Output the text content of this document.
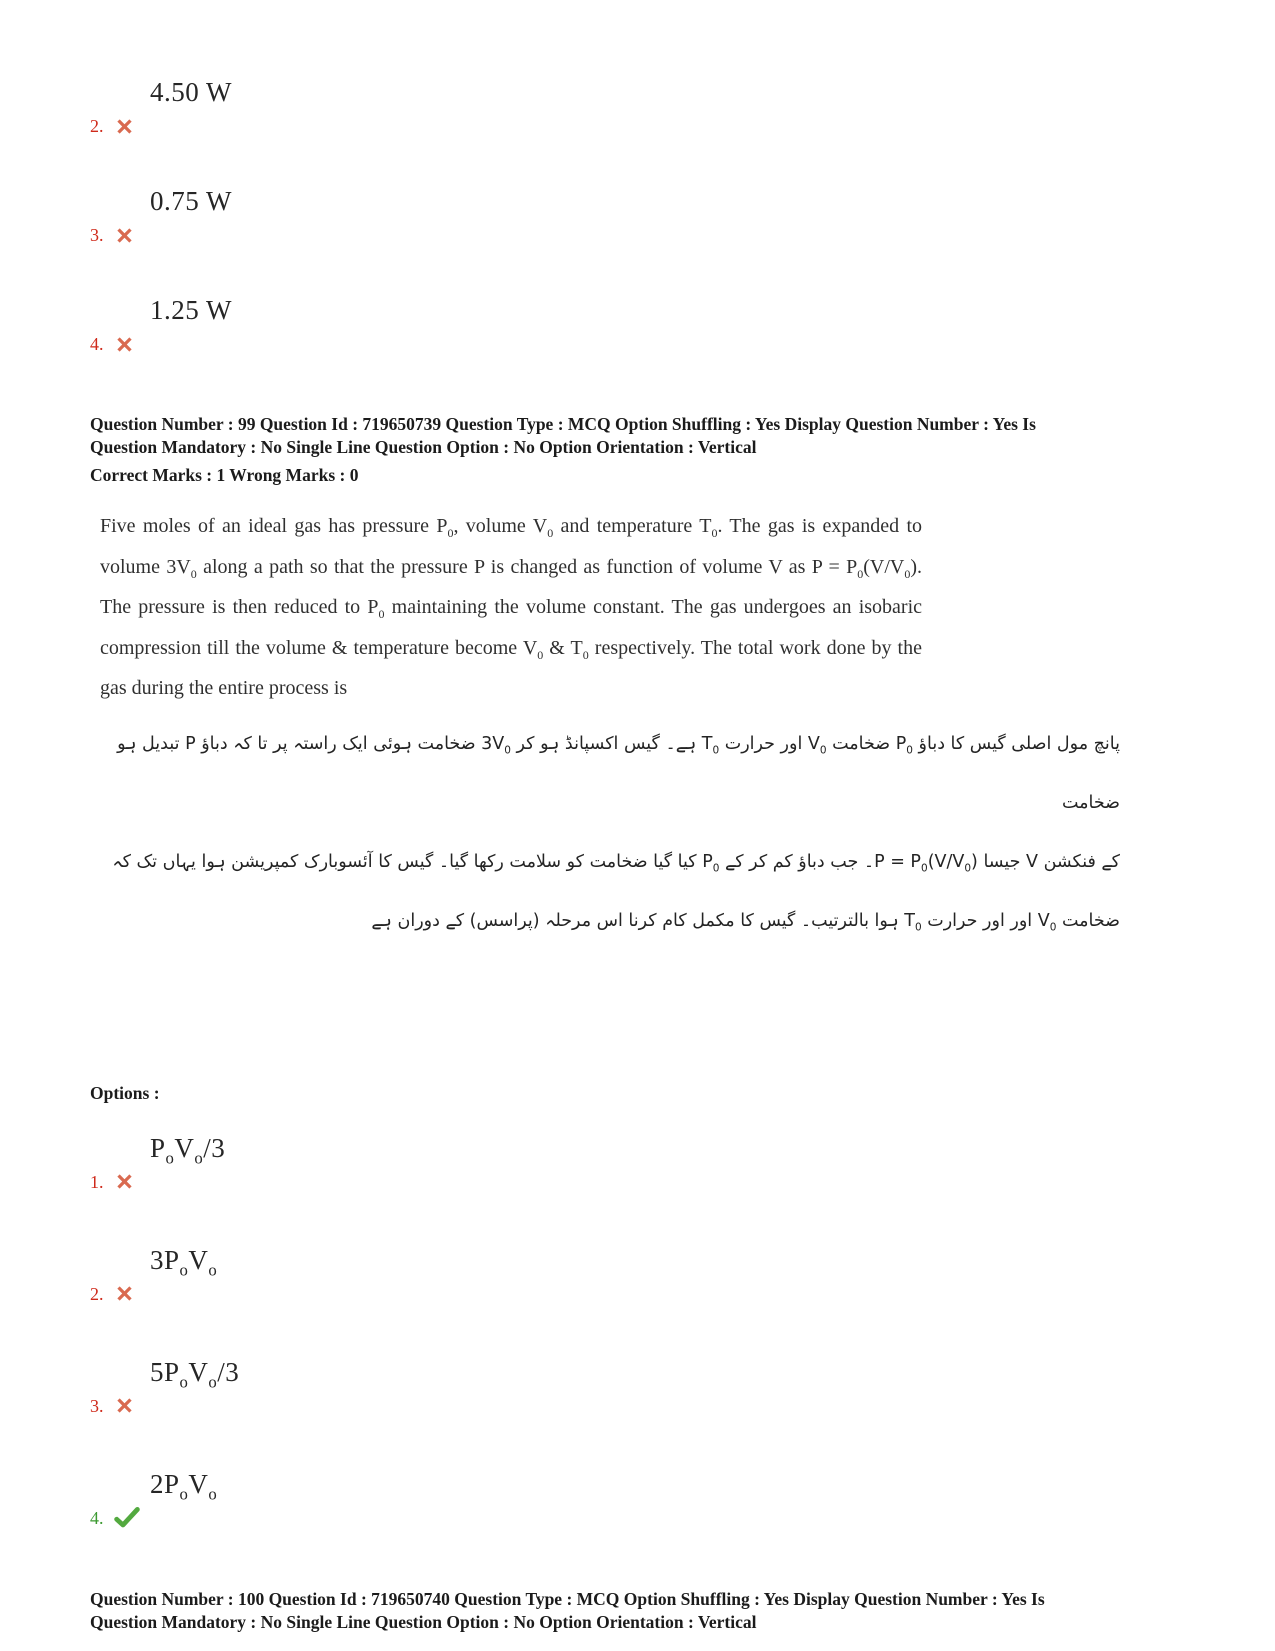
4.50 W
2.
0.75 W
3.
1.25 W
4.

Question Number : 99 Question Id : 719650739 Question Type : MCQ Option Shuffling : Yes Display Question Number : Yes Is

Question Mandatory : No Single Line Question Option : No Option Orientation : Vertical

Correct Marks : 1 Wrong Marks : 0

Five moles of an ideal gas has pressure $P_0$, volume $V_0$ and temperature $T_0$. The gas is expanded to volume $3V_0$ along a path so that the pressure P is changed as function of volume V as $P = P_0(V/V_0)$. The pressure is then reduced to $P_0$ maintaining the volume constant. The gas undergoes an isobaric compression till the volume & temperature become $V_0$ & $T_0$ respectively. The total work done by the gas during the entire process is
پانچ مول اصلی گیس کا دباؤ $P_0$ ضخامت $V_0$ اور حرارت $T_0$ ہے۔ گیس اکسپانڈ ہو کر $3V_0$ ضخامت ہوئی ایک راستہ پر تا کہ دباؤ P تبدیل ہو ضخامت
کے فنکشن V جیسا $P = P_0(V/V_0)۔$ جب دباؤ کم کر کے $P_0$ کیا گیا ضخامت کو سلامت رکھا گیا۔ گیس کا آئسوبارک کمپریشن ہوا یہاں تک کہ
ضخامت $V_0$ اور اور حرارت $T_0$ ہوا بالترتیب۔ گیس کا مکمل کام کرنا اس مرحلہ (پراسس) کے دوران ہے
Options :
$P_oV_o/3$
1.
$3P_oV_o$
2.
$5P_oV_o/3$
3.
$2P_oV_o$
4.

Question Number : 100 Question Id : 719650740 Question Type : MCQ Option Shuffling : Yes Display Question Number : Yes Is

Question Mandatory : No Single Line Question Option : No Option Orientation : Vertical
